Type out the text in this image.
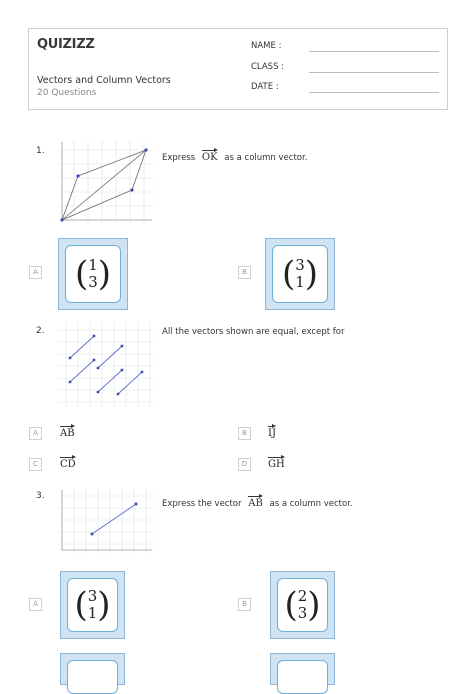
QUIZIZZ
Vectors and Column Vectors
20 Questions
NAME :
CLASS :
DATE :
1.
Express OK as a column vector.
A (1
3)	B (3
1)
2.	All the vectors shown are equal, except for
A	AB	B	IJ
C	CD	D	GH
3.
Express the vector AB as a column vector.
A (3
1)	B (2
3)
